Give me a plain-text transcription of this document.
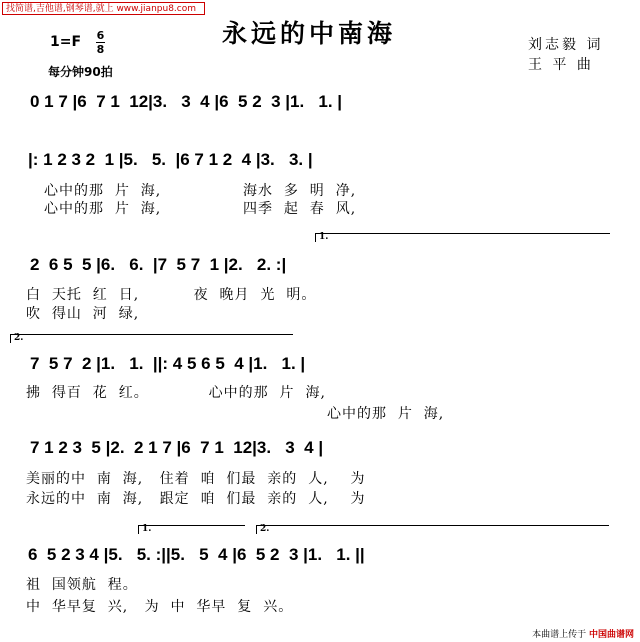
找简谱,吉他谱,钢琴谱,就上 www.jianpu8.com
永远的中南海
1=F 6
8
每分钟90拍
刘志毅 词
王 平 曲
0 1 7 |6  7 1  12|3.   3  4 |6  5 2  3 |1.   1. |
|: 1 2 3 2  1 |5.   5.  |6 7 1 2  4 |3.   3. |
心中的那  片  海,               海水  多  明  净,
心中的那  片  海,               四季  起  春  风,
1.
2  6 5  5 |6.   6.  |7  5 7  1 |2.   2. :|
白  天托  红  日,          夜  晚月  光  明。
吹  得山  河  绿,
2.
7  5 7  2 |1.   1.  ||: 4 5 6 5  4 |1.   1. |
拂  得百  花  红。           心中的那  片  海,
心中的那  片  海,
7 1 2 3  5 |2.  2 1 7 |6  7 1  12|3.   3  4 |
美丽的中  南  海,   住着  咱  们最  亲的  人,    为
永远的中  南  海,   跟定  咱  们最  亲的  人,    为
1.	2.
6  5 2 3 4 |5.   5. :||5.   5  4 |6  5 2  3 |1.   1. ||
祖  国领航  程。
中  华早复  兴,   为  中  华早  复  兴。
本曲谱上传于 中国曲谱网
